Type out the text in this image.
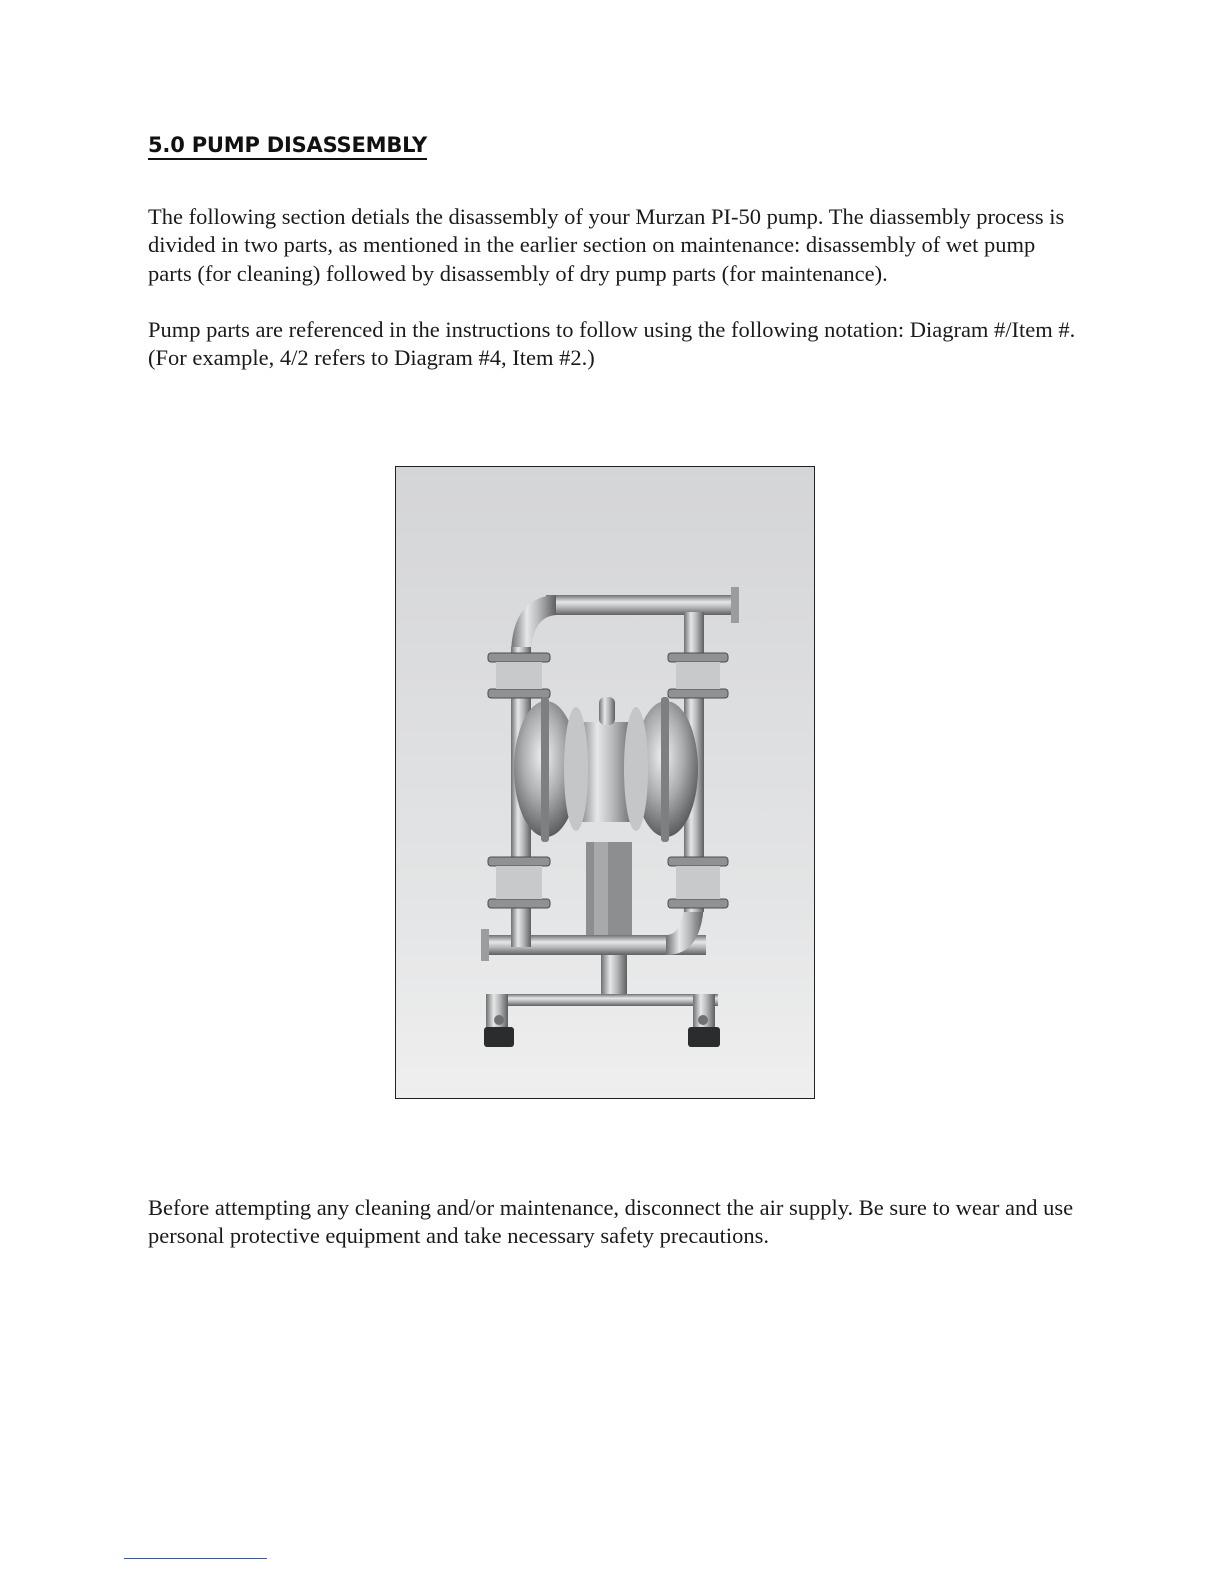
5.0 PUMP DISASSEMBLY

The following section detials the disassembly of your Murzan PI-50 pump. The diassembly process is divided in two parts, as mentioned in the earlier section on maintenance: disassembly of wet pump parts (for cleaning) followed by disassembly of dry pump parts (for maintenance).

Pump parts are referenced in the instructions to follow using the following notation: Diagram #/Item #. (For example, 4/2 refers to Diagram #4, Item #2.)

Before attempting any cleaning and/or maintenance, disconnect the air supply. Be sure to wear and use personal protective equipment and take necessary safety precautions.
